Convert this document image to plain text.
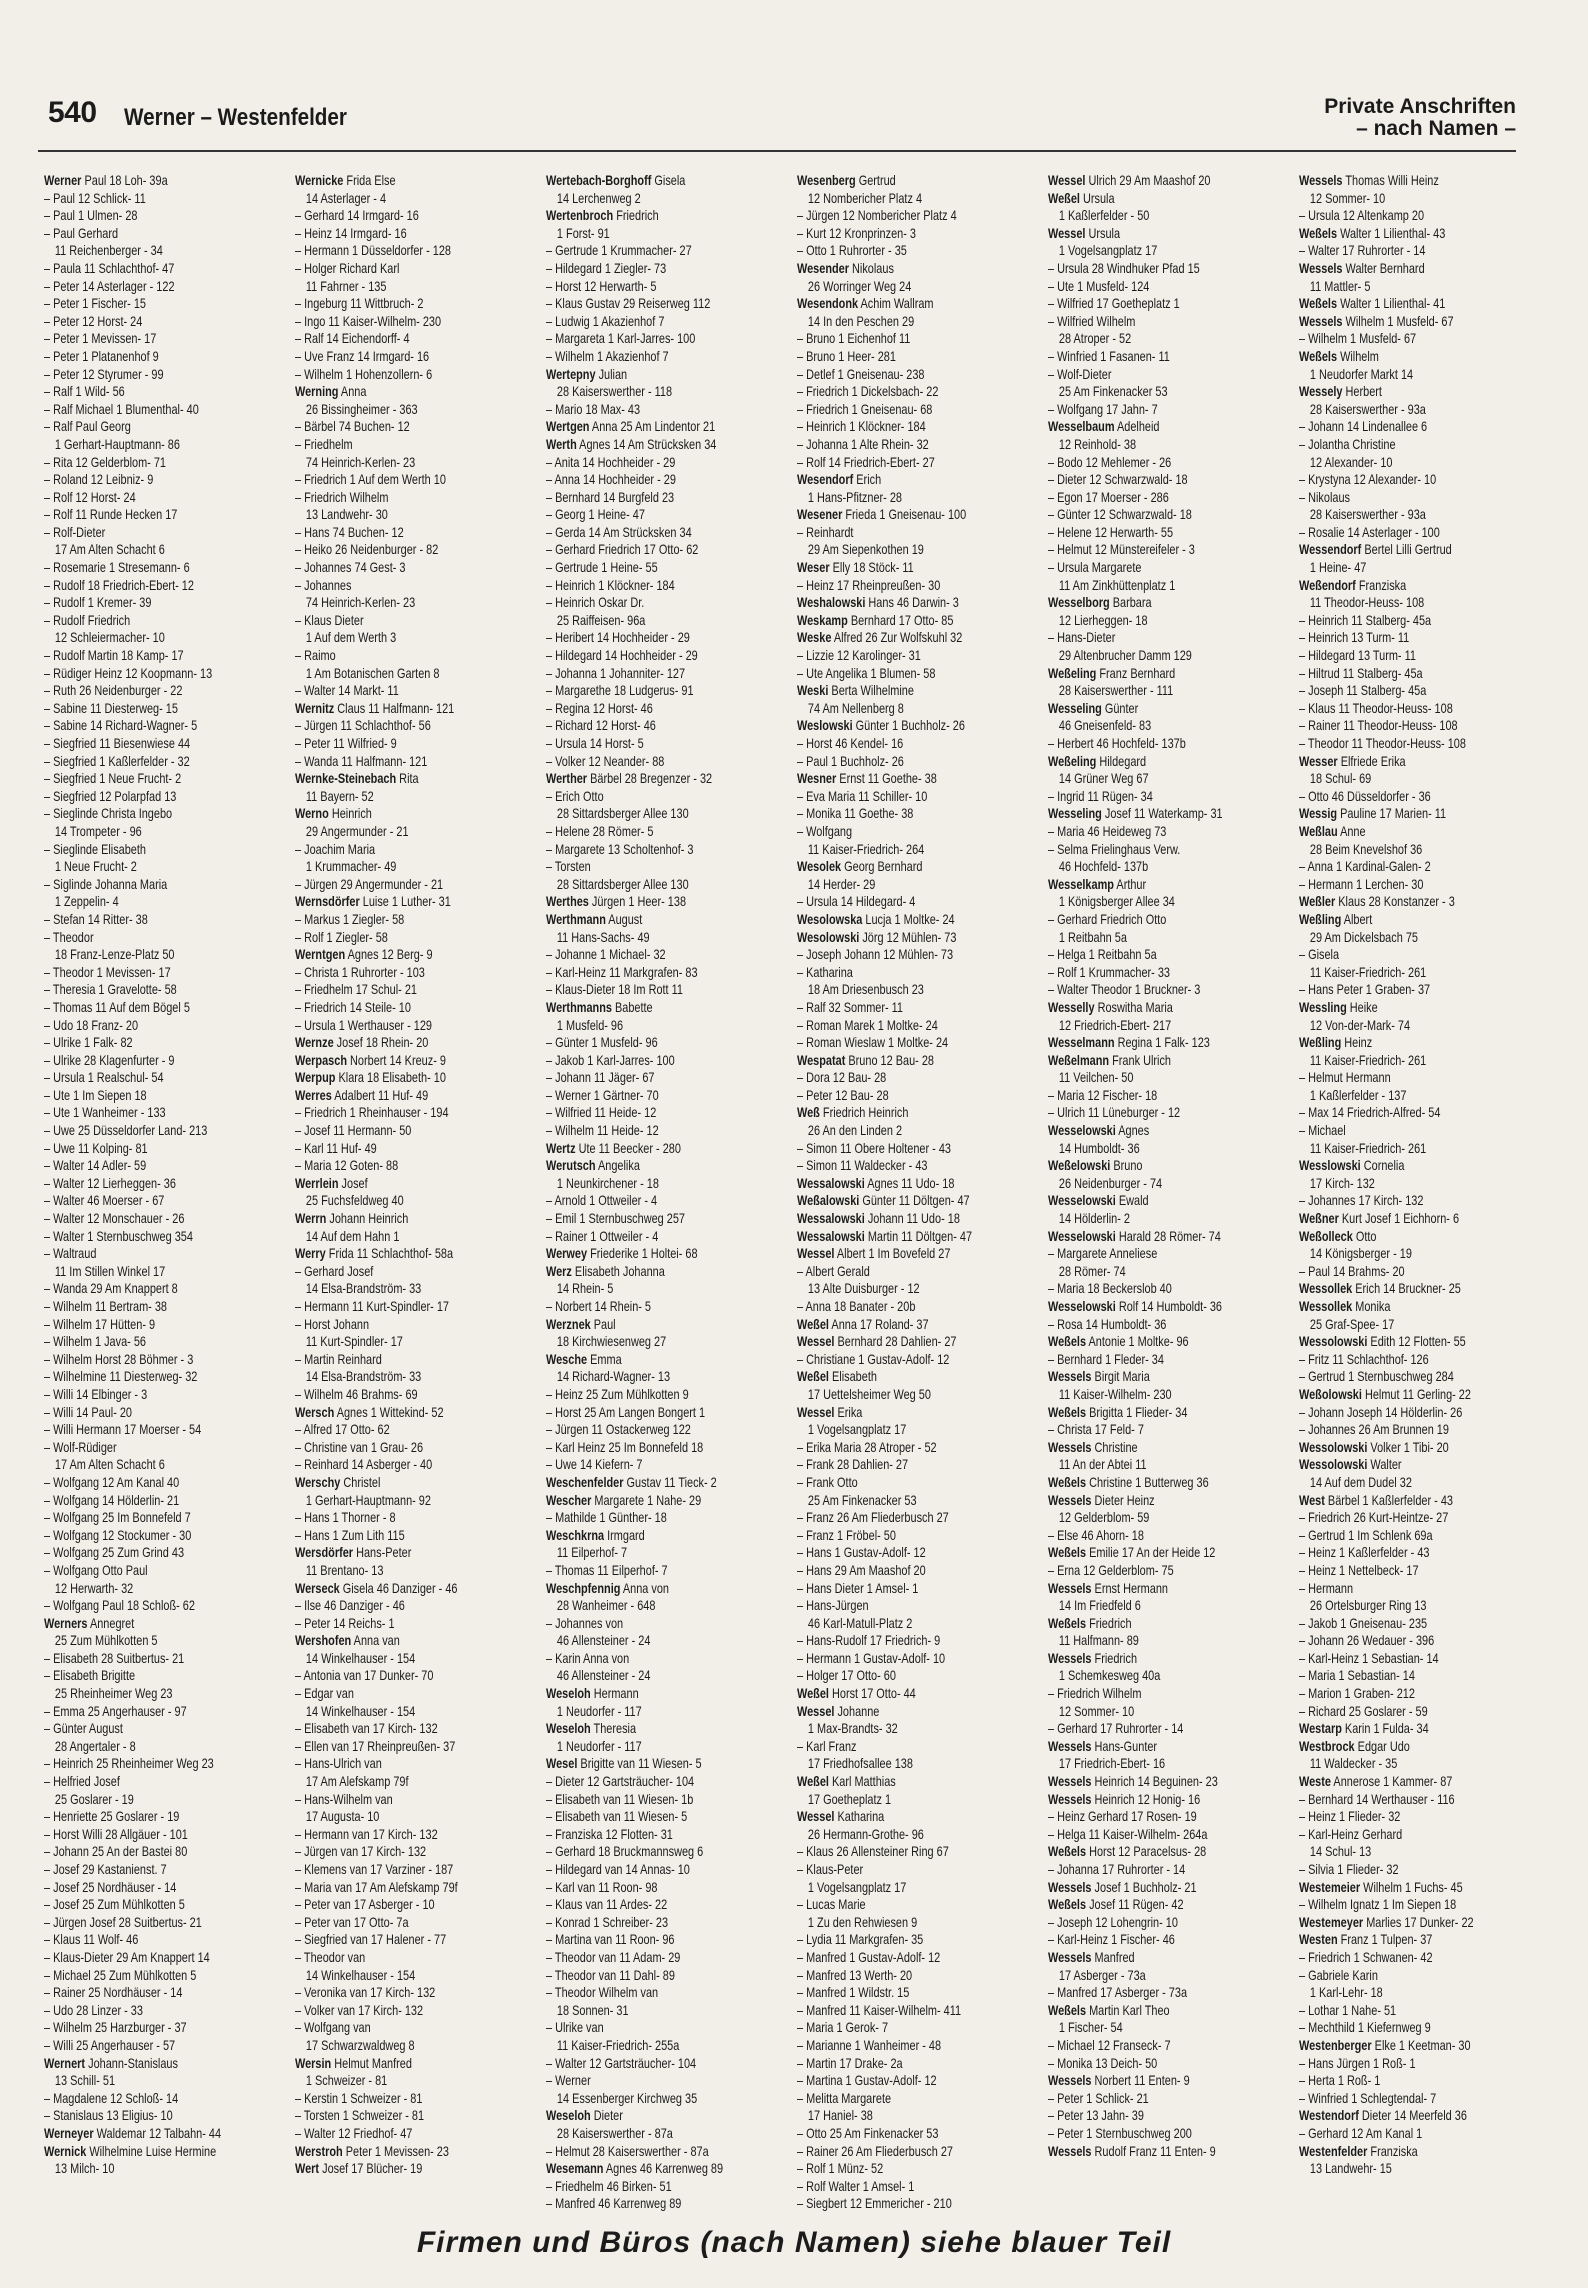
540 Werner – Westenfelder	Private Anschriften
– nach Namen –
Werner Paul 18 Loh- 39a
– Paul 12 Schlick- 11
– Paul 1 Ulmen- 28
– Paul Gerhard
11 Reichenberger - 34
– Paula 11 Schlachthof- 47
– Peter 14 Asterlager - 122
– Peter 1 Fischer- 15
– Peter 12 Horst- 24
– Peter 1 Mevissen- 17
– Peter 1 Platanenhof 9
– Peter 12 Styrumer - 99
– Ralf 1 Wild- 56
– Ralf Michael 1 Blumenthal- 40
– Ralf Paul Georg
1 Gerhart-Hauptmann- 86
– Rita 12 Gelderblom- 71
– Roland 12 Leibniz- 9
– Rolf 12 Horst- 24
– Rolf 11 Runde Hecken 17
– Rolf-Dieter
17 Am Alten Schacht 6
– Rosemarie 1 Stresemann- 6
– Rudolf 18 Friedrich-Ebert- 12
– Rudolf 1 Kremer- 39
– Rudolf Friedrich
12 Schleiermacher- 10
– Rudolf Martin 18 Kamp- 17
– Rüdiger Heinz 12 Koopmann- 13
– Ruth 26 Neidenburger - 22
– Sabine 11 Diesterweg- 15
– Sabine 14 Richard-Wagner- 5
– Siegfried 11 Biesenwiese 44
– Siegfried 1 Kaßlerfelder - 32
– Siegfried 1 Neue Frucht- 2
– Siegfried 12 Polarpfad 13
– Sieglinde Christa Ingebo
14 Trompeter - 96
– Sieglinde Elisabeth
1 Neue Frucht- 2
– Siglinde Johanna Maria
1 Zeppelin- 4
– Stefan 14 Ritter- 38
– Theodor
18 Franz-Lenze-Platz 50
– Theodor 1 Mevissen- 17
– Theresia 1 Gravelotte- 58
– Thomas 11 Auf dem Bögel 5
– Udo 18 Franz- 20
– Ulrike 1 Falk- 82
– Ulrike 28 Klagenfurter - 9
– Ursula 1 Realschul- 54
– Ute 1 Im Siepen 18
– Ute 1 Wanheimer - 133
– Uwe 25 Düsseldorfer Land- 213
– Uwe 11 Kolping- 81
– Walter 14 Adler- 59
– Walter 12 Lierheggen- 36
– Walter 46 Moerser - 67
– Walter 12 Monschauer - 26
– Walter 1 Sternbuschweg 354
– Waltraud
11 Im Stillen Winkel 17
– Wanda 29 Am Knappert 8
– Wilhelm 11 Bertram- 38
– Wilhelm 17 Hütten- 9
– Wilhelm 1 Java- 56
– Wilhelm Horst 28 Böhmer - 3
– Wilhelmine 11 Diesterweg- 32
– Willi 14 Elbinger - 3
– Willi 14 Paul- 20
– Willi Hermann 17 Moerser - 54
– Wolf-Rüdiger
17 Am Alten Schacht 6
– Wolfgang 12 Am Kanal 40
– Wolfgang 14 Hölderlin- 21
– Wolfgang 25 Im Bonnefeld 7
– Wolfgang 12 Stockumer - 30
– Wolfgang 25 Zum Grind 43
– Wolfgang Otto Paul
12 Herwarth- 32
– Wolfgang Paul 18 Schloß- 62
Werners Annegret
25 Zum Mühlkotten 5
– Elisabeth 28 Suitbertus- 21
– Elisabeth Brigitte
25 Rheinheimer Weg 23
– Emma 25 Angerhauser - 97
– Günter August
28 Angertaler - 8
– Heinrich 25 Rheinheimer Weg 23
– Helfried Josef
25 Goslarer - 19
– Henriette 25 Goslarer - 19
– Horst Willi 28 Allgäuer - 101
– Johann 25 An der Bastei 80
– Josef 29 Kastanienst. 7
– Josef 25 Nordhäuser - 14
– Josef 25 Zum Mühlkotten 5
– Jürgen Josef 28 Suitbertus- 21
– Klaus 11 Wolf- 46
– Klaus-Dieter 29 Am Knappert 14
– Michael 25 Zum Mühlkotten 5
– Rainer 25 Nordhäuser - 14
– Udo 28 Linzer - 33
– Wilhelm 25 Harzburger - 37
– Willi 25 Angerhauser - 57
Wernert Johann-Stanislaus
13 Schill- 51
– Magdalene 12 Schloß- 14
– Stanislaus 13 Eligius- 10
Werneyer Waldemar 12 Talbahn- 44
Wernick Wilhelmine Luise Hermine
13 Milch- 10
Wernicke Frida Else
14 Asterlager - 4
– Gerhard 14 Irmgard- 16
– Heinz 14 Irmgard- 16
– Hermann 1 Düsseldorfer - 128
– Holger Richard Karl
11 Fahrner - 135
– Ingeburg 11 Wittbruch- 2
– Ingo 11 Kaiser-Wilhelm- 230
– Ralf 14 Eichendorff- 4
– Uve Franz 14 Irmgard- 16
– Wilhelm 1 Hohenzollern- 6
Werning Anna
26 Bissingheimer - 363
– Bärbel 74 Buchen- 12
– Friedhelm
74 Heinrich-Kerlen- 23
– Friedrich 1 Auf dem Werth 10
– Friedrich Wilhelm
13 Landwehr- 30
– Hans 74 Buchen- 12
– Heiko 26 Neidenburger - 82
– Johannes 74 Gest- 3
– Johannes
74 Heinrich-Kerlen- 23
– Klaus Dieter
1 Auf dem Werth 3
– Raimo
1 Am Botanischen Garten 8
– Walter 14 Markt- 11
Wernitz Claus 11 Halfmann- 121
– Jürgen 11 Schlachthof- 56
– Peter 11 Wilfried- 9
– Wanda 11 Halfmann- 121
Wernke-Steinebach Rita
11 Bayern- 52
Werno Heinrich
29 Angermunder - 21
– Joachim Maria
1 Krummacher- 49
– Jürgen 29 Angermunder - 21
Wernsdörfer Luise 1 Luther- 31
– Markus 1 Ziegler- 58
– Rolf 1 Ziegler- 58
Werntgen Agnes 12 Berg- 9
– Christa 1 Ruhrorter - 103
– Friedhelm 17 Schul- 21
– Friedrich 14 Steile- 10
– Ursula 1 Werthauser - 129
Wernze Josef 18 Rhein- 20
Werpasch Norbert 14 Kreuz- 9
Werpup Klara 18 Elisabeth- 10
Werres Adalbert 11 Huf- 49
– Friedrich 1 Rheinhauser - 194
– Josef 11 Hermann- 50
– Karl 11 Huf- 49
– Maria 12 Goten- 88
Werrlein Josef
25 Fuchsfeldweg 40
Werrn Johann Heinrich
14 Auf dem Hahn 1
Werry Frida 11 Schlachthof- 58a
– Gerhard Josef
14 Elsa-Brandström- 33
– Hermann 11 Kurt-Spindler- 17
– Horst Johann
11 Kurt-Spindler- 17
– Martin Reinhard
14 Elsa-Brandström- 33
– Wilhelm 46 Brahms- 69
Wersch Agnes 1 Wittekind- 52
– Alfred 17 Otto- 62
– Christine van 1 Grau- 26
– Reinhard 14 Asberger - 40
Werschy Christel
1 Gerhart-Hauptmann- 92
– Hans 1 Thorner - 8
– Hans 1 Zum Lith 115
Wersdörfer Hans-Peter
11 Brentano- 13
Werseck Gisela 46 Danziger - 46
– Ilse 46 Danziger - 46
– Peter 14 Reichs- 1
Wershofen Anna van
14 Winkelhauser - 154
– Antonia van 17 Dunker- 70
– Edgar van
14 Winkelhauser - 154
– Elisabeth van 17 Kirch- 132
– Ellen van 17 Rheinpreußen- 37
– Hans-Ulrich van
17 Am Alefskamp 79f
– Hans-Wilhelm van
17 Augusta- 10
– Hermann van 17 Kirch- 132
– Jürgen van 17 Kirch- 132
– Klemens van 17 Varziner - 187
– Maria van 17 Am Alefskamp 79f
– Peter van 17 Asberger - 10
– Peter van 17 Otto- 7a
– Siegfried van 17 Halener - 77
– Theodor van
14 Winkelhauser - 154
– Veronika van 17 Kirch- 132
– Volker van 17 Kirch- 132
– Wolfgang van
17 Schwarzwaldweg 8
Wersin Helmut Manfred
1 Schweizer - 81
– Kerstin 1 Schweizer - 81
– Torsten 1 Schweizer - 81
– Walter 12 Friedhof- 47
Werstroh Peter 1 Mevissen- 23
Wert Josef 17 Blücher- 19
Wertebach-Borghoff Gisela
14 Lerchenweg 2
Wertenbroch Friedrich
1 Forst- 91
– Gertrude 1 Krummacher- 27
– Hildegard 1 Ziegler- 73
– Horst 12 Herwarth- 5
– Klaus Gustav 29 Reiserweg 112
– Ludwig 1 Akazienhof 7
– Margareta 1 Karl-Jarres- 100
– Wilhelm 1 Akazienhof 7
Wertepny Julian
28 Kaiserswerther - 118
– Mario 18 Max- 43
Wertgen Anna 25 Am Lindentor 21
Werth Agnes 14 Am Strücksken 34
– Anita 14 Hochheider - 29
– Anna 14 Hochheider - 29
– Bernhard 14 Burgfeld 23
– Georg 1 Heine- 47
– Gerda 14 Am Strücksken 34
– Gerhard Friedrich 17 Otto- 62
– Gertrude 1 Heine- 55
– Heinrich 1 Klöckner- 184
– Heinrich Oskar Dr.
25 Raiffeisen- 96a
– Heribert 14 Hochheider - 29
– Hildegard 14 Hochheider - 29
– Johanna 1 Johanniter- 127
– Margarethe 18 Ludgerus- 91
– Regina 12 Horst- 46
– Richard 12 Horst- 46
– Ursula 14 Horst- 5
– Volker 12 Neander- 88
Werther Bärbel 28 Bregenzer - 32
– Erich Otto
28 Sittardsberger Allee 130
– Helene 28 Römer- 5
– Margarete 13 Scholtenhof- 3
– Torsten
28 Sittardsberger Allee 130
Werthes Jürgen 1 Heer- 138
Werthmann August
11 Hans-Sachs- 49
– Johanne 1 Michael- 32
– Karl-Heinz 11 Markgrafen- 83
– Klaus-Dieter 18 Im Rott 11
Werthmanns Babette
1 Musfeld- 96
– Günter 1 Musfeld- 96
– Jakob 1 Karl-Jarres- 100
– Johann 11 Jäger- 67
– Werner 1 Gärtner- 70
– Wilfried 11 Heide- 12
– Wilhelm 11 Heide- 12
Wertz Ute 11 Beecker - 280
Werutsch Angelika
1 Neunkirchener - 18
– Arnold 1 Ottweiler - 4
– Emil 1 Sternbuschweg 257
– Rainer 1 Ottweiler - 4
Werwey Friederike 1 Holtei- 68
Werz Elisabeth Johanna
14 Rhein- 5
– Norbert 14 Rhein- 5
Werznek Paul
18 Kirchwiesenweg 27
Wesche Emma
14 Richard-Wagner- 13
– Heinz 25 Zum Mühlkotten 9
– Horst 25 Am Langen Bongert 1
– Jürgen 11 Ostackerweg 122
– Karl Heinz 25 Im Bonnefeld 18
– Uwe 14 Kiefern- 7
Weschenfelder Gustav 11 Tieck- 2
Wescher Margarete 1 Nahe- 29
– Mathilde 1 Günther- 18
Weschkrna Irmgard
11 Eilperhof- 7
– Thomas 11 Eilperhof- 7
Weschpfennig Anna von
28 Wanheimer - 648
– Johannes von
46 Allensteiner - 24
– Karin Anna von
46 Allensteiner - 24
Weseloh Hermann
1 Neudorfer - 117
Weseloh Theresia
1 Neudorfer - 117
Wesel Brigitte van 11 Wiesen- 5
– Dieter 12 Gartsträucher- 104
– Elisabeth van 11 Wiesen- 1b
– Elisabeth van 11 Wiesen- 5
– Franziska 12 Flotten- 31
– Gerhard 18 Bruckmannsweg 6
– Hildegard van 14 Annas- 10
– Karl van 11 Roon- 98
– Klaus van 11 Ardes- 22
– Konrad 1 Schreiber- 23
– Martina van 11 Roon- 96
– Theodor van 11 Adam- 29
– Theodor van 11 Dahl- 89
– Theodor Wilhelm van
18 Sonnen- 31
– Ulrike van
11 Kaiser-Friedrich- 255a
– Walter 12 Gartsträucher- 104
– Werner
14 Essenberger Kirchweg 35
Weseloh Dieter
28 Kaiserswerther - 87a
– Helmut 28 Kaiserswerther - 87a
Wesemann Agnes 46 Karrenweg 89
– Friedhelm 46 Birken- 51
– Manfred 46 Karrenweg 89
Wesenberg Gertrud
12 Nombericher Platz 4
– Jürgen 12 Nombericher Platz 4
– Kurt 12 Kronprinzen- 3
– Otto 1 Ruhrorter - 35
Wesender Nikolaus
26 Worringer Weg 24
Wesendonk Achim Wallram
14 In den Peschen 29
– Bruno 1 Eichenhof 11
– Bruno 1 Heer- 281
– Detlef 1 Gneisenau- 238
– Friedrich 1 Dickelsbach- 22
– Friedrich 1 Gneisenau- 68
– Heinrich 1 Klöckner- 184
– Johanna 1 Alte Rhein- 32
– Rolf 14 Friedrich-Ebert- 27
Wesendorf Erich
1 Hans-Pfitzner- 28
Wesener Frieda 1 Gneisenau- 100
– Reinhardt
29 Am Siepenkothen 19
Weser Elly 18 Stöck- 11
– Heinz 17 Rheinpreußen- 30
Weshalowski Hans 46 Darwin- 3
Weskamp Bernhard 17 Otto- 85
Weske Alfred 26 Zur Wolfskuhl 32
– Lizzie 12 Karolinger- 31
– Ute Angelika 1 Blumen- 58
Weski Berta Wilhelmine
74 Am Nellenberg 8
Weslowski Günter 1 Buchholz- 26
– Horst 46 Kendel- 16
– Paul 1 Buchholz- 26
Wesner Ernst 11 Goethe- 38
– Eva Maria 11 Schiller- 10
– Monika 11 Goethe- 38
– Wolfgang
11 Kaiser-Friedrich- 264
Wesolek Georg Bernhard
14 Herder- 29
– Ursula 14 Hildegard- 4
Wesolowska Lucja 1 Moltke- 24
Wesolowski Jörg 12 Mühlen- 73
– Joseph Johann 12 Mühlen- 73
– Katharina
18 Am Driesenbusch 23
– Ralf 32 Sommer- 11
– Roman Marek 1 Moltke- 24
– Roman Wieslaw 1 Moltke- 24
Wespatat Bruno 12 Bau- 28
– Dora 12 Bau- 28
– Peter 12 Bau- 28
Weß Friedrich Heinrich
26 An den Linden 2
– Simon 11 Obere Holtener - 43
– Simon 11 Waldecker - 43
Wessalowski Agnes 11 Udo- 18
Weßalowski Günter 11 Döltgen- 47
Wessalowski Johann 11 Udo- 18
Wessalowski Martin 11 Döltgen- 47
Wessel Albert 1 Im Bovefeld 27
– Albert Gerald
13 Alte Duisburger - 12
– Anna 18 Banater - 20b
Weßel Anna 17 Roland- 37
Wessel Bernhard 28 Dahlien- 27
– Christiane 1 Gustav-Adolf- 12
Weßel Elisabeth
17 Uettelsheimer Weg 50
Wessel Erika
1 Vogelsangplatz 17
– Erika Maria 28 Atroper - 52
– Frank 28 Dahlien- 27
– Frank Otto
25 Am Finkenacker 53
– Franz 26 Am Fliederbusch 27
– Franz 1 Fröbel- 50
– Hans 1 Gustav-Adolf- 12
– Hans 29 Am Maashof 20
– Hans Dieter 1 Amsel- 1
– Hans-Jürgen
46 Karl-Matull-Platz 2
– Hans-Rudolf 17 Friedrich- 9
– Hermann 1 Gustav-Adolf- 10
– Holger 17 Otto- 60
Weßel Horst 17 Otto- 44
Wessel Johanne
1 Max-Brandts- 32
– Karl Franz
17 Friedhofsallee 138
Weßel Karl Matthias
17 Goetheplatz 1
Wessel Katharina
26 Hermann-Grothe- 96
– Klaus 26 Allensteiner Ring 67
– Klaus-Peter
1 Vogelsangplatz 17
– Lucas Marie
1 Zu den Rehwiesen 9
– Lydia 11 Markgrafen- 35
– Manfred 1 Gustav-Adolf- 12
– Manfred 13 Werth- 20
– Manfred 1 Wildstr. 15
– Manfred 11 Kaiser-Wilhelm- 411
– Maria 1 Gerok- 7
– Marianne 1 Wanheimer - 48
– Martin 17 Drake- 2a
– Martina 1 Gustav-Adolf- 12
– Melitta Margarete
17 Haniel- 38
– Otto 25 Am Finkenacker 53
– Rainer 26 Am Fliederbusch 27
– Rolf 1 Münz- 52
– Rolf Walter 1 Amsel- 1
– Siegbert 12 Emmericher - 210
Wessel Ulrich 29 Am Maashof 20
Weßel Ursula
1 Kaßlerfelder - 50
Wessel Ursula
1 Vogelsangplatz 17
– Ursula 28 Windhuker Pfad 15
– Ute 1 Musfeld- 124
– Wilfried 17 Goetheplatz 1
– Wilfried Wilhelm
28 Atroper - 52
– Winfried 1 Fasanen- 11
– Wolf-Dieter
25 Am Finkenacker 53
– Wolfgang 17 Jahn- 7
Wesselbaum Adelheid
12 Reinhold- 38
– Bodo 12 Mehlemer - 26
– Dieter 12 Schwarzwald- 18
– Egon 17 Moerser - 286
– Günter 12 Schwarzwald- 18
– Helene 12 Herwarth- 55
– Helmut 12 Münstereifeler - 3
– Ursula Margarete
11 Am Zinkhüttenplatz 1
Wesselborg Barbara
12 Lierheggen- 18
– Hans-Dieter
29 Altenbrucher Damm 129
Weßeling Franz Bernhard
28 Kaiserswerther - 111
Wesseling Günter
46 Gneisenfeld- 83
– Herbert 46 Hochfeld- 137b
Weßeling Hildegard
14 Grüner Weg 67
– Ingrid 11 Rügen- 34
Wesseling Josef 11 Waterkamp- 31
– Maria 46 Heideweg 73
– Selma Frielinghaus Verw.
46 Hochfeld- 137b
Wesselkamp Arthur
1 Königsberger Allee 34
– Gerhard Friedrich Otto
1 Reitbahn 5a
– Helga 1 Reitbahn 5a
– Rolf 1 Krummacher- 33
– Walter Theodor 1 Bruckner- 3
Wesselly Roswitha Maria
12 Friedrich-Ebert- 217
Wesselmann Regina 1 Falk- 123
Weßelmann Frank Ulrich
11 Veilchen- 50
– Maria 12 Fischer- 18
– Ulrich 11 Lüneburger - 12
Wesselowski Agnes
14 Humboldt- 36
Weßelowski Bruno
26 Neidenburger - 74
Wesselowski Ewald
14 Hölderlin- 2
Wesselowski Harald 28 Römer- 74
– Margarete Anneliese
28 Römer- 74
– Maria 18 Beckerslob 40
Wesselowski Rolf 14 Humboldt- 36
– Rosa 14 Humboldt- 36
Weßels Antonie 1 Moltke- 96
– Bernhard 1 Fleder- 34
Wessels Birgit Maria
11 Kaiser-Wilhelm- 230
Weßels Brigitta 1 Flieder- 34
– Christa 17 Feld- 7
Wessels Christine
11 An der Abtei 11
Weßels Christine 1 Butterweg 36
Wessels Dieter Heinz
12 Gelderblom- 59
– Else 46 Ahorn- 18
Weßels Emilie 17 An der Heide 12
– Erna 12 Gelderblom- 75
Wessels Ernst Hermann
14 Im Friedfeld 6
Weßels Friedrich
11 Halfmann- 89
Wessels Friedrich
1 Schemkesweg 40a
– Friedrich Wilhelm
12 Sommer- 10
– Gerhard 17 Ruhrorter - 14
Wessels Hans-Gunter
17 Friedrich-Ebert- 16
Wessels Heinrich 14 Beguinen- 23
Wessels Heinrich 12 Honig- 16
– Heinz Gerhard 17 Rosen- 19
– Helga 11 Kaiser-Wilhelm- 264a
Weßels Horst 12 Paracelsus- 28
– Johanna 17 Ruhrorter - 14
Wessels Josef 1 Buchholz- 21
Weßels Josef 11 Rügen- 42
– Joseph 12 Lohengrin- 10
– Karl-Heinz 1 Fischer- 46
Wessels Manfred
17 Asberger - 73a
– Manfred 17 Asberger - 73a
Weßels Martin Karl Theo
1 Fischer- 54
– Michael 12 Franseck- 7
– Monika 13 Deich- 50
Wessels Norbert 11 Enten- 9
– Peter 1 Schlick- 21
– Peter 13 Jahn- 39
– Peter 1 Sternbuschweg 200
Wessels Rudolf Franz 11 Enten- 9
Wessels Thomas Willi Heinz
12 Sommer- 10
– Ursula 12 Altenkamp 20
Weßels Walter 1 Lilienthal- 43
– Walter 17 Ruhrorter - 14
Wessels Walter Bernhard
11 Mattler- 5
Weßels Walter 1 Lilienthal- 41
Wessels Wilhelm 1 Musfeld- 67
– Wilhelm 1 Musfeld- 67
Weßels Wilhelm
1 Neudorfer Markt 14
Wessely Herbert
28 Kaiserswerther - 93a
– Johann 14 Lindenallee 6
– Jolantha Christine
12 Alexander- 10
– Krystyna 12 Alexander- 10
– Nikolaus
28 Kaiserswerther - 93a
– Rosalie 14 Asterlager - 100
Wessendorf Bertel Lilli Gertrud
1 Heine- 47
Weßendorf Franziska
11 Theodor-Heuss- 108
– Heinrich 11 Stalberg- 45a
– Heinrich 13 Turm- 11
– Hildegard 13 Turm- 11
– Hiltrud 11 Stalberg- 45a
– Joseph 11 Stalberg- 45a
– Klaus 11 Theodor-Heuss- 108
– Rainer 11 Theodor-Heuss- 108
– Theodor 11 Theodor-Heuss- 108
Wesser Elfriede Erika
18 Schul- 69
– Otto 46 Düsseldorfer - 36
Wessig Pauline 17 Marien- 11
Weßlau Anne
28 Beim Knevelshof 36
– Anna 1 Kardinal-Galen- 2
– Hermann 1 Lerchen- 30
Weßler Klaus 28 Konstanzer - 3
Weßling Albert
29 Am Dickelsbach 75
– Gisela
11 Kaiser-Friedrich- 261
– Hans Peter 1 Graben- 37
Wessling Heike
12 Von-der-Mark- 74
Weßling Heinz
11 Kaiser-Friedrich- 261
– Helmut Hermann
1 Kaßlerfelder - 137
– Max 14 Friedrich-Alfred- 54
– Michael
11 Kaiser-Friedrich- 261
Wesslowski Cornelia
17 Kirch- 132
– Johannes 17 Kirch- 132
Weßner Kurt Josef 1 Eichhorn- 6
Weßolleck Otto
14 Königsberger - 19
– Paul 14 Brahms- 20
Wessollek Erich 14 Bruckner- 25
Wessollek Monika
25 Graf-Spee- 17
Wessolowski Edith 12 Flotten- 55
– Fritz 11 Schlachthof- 126
– Gertrud 1 Sternbuschweg 284
Weßolowski Helmut 11 Gerling- 22
– Johann Joseph 14 Hölderlin- 26
– Johannes 26 Am Brunnen 19
Wessolowski Volker 1 Tibi- 20
Wessolowski Walter
14 Auf dem Dudel 32
West Bärbel 1 Kaßlerfelder - 43
– Friedrich 26 Kurt-Heintze- 27
– Gertrud 1 Im Schlenk 69a
– Heinz 1 Kaßlerfelder - 43
– Heinz 1 Nettelbeck- 17
– Hermann
26 Ortelsburger Ring 13
– Jakob 1 Gneisenau- 235
– Johann 26 Wedauer - 396
– Karl-Heinz 1 Sebastian- 14
– Maria 1 Sebastian- 14
– Marion 1 Graben- 212
– Richard 25 Goslarer - 59
Westarp Karin 1 Fulda- 34
Westbrock Edgar Udo
11 Waldecker - 35
Weste Annerose 1 Kammer- 87
– Bernhard 14 Werthauser - 116
– Heinz 1 Flieder- 32
– Karl-Heinz Gerhard
14 Schul- 13
– Silvia 1 Flieder- 32
Westemeier Wilhelm 1 Fuchs- 45
– Wilhelm Ignatz 1 Im Siepen 18
Westemeyer Marlies 17 Dunker- 22
Westen Franz 1 Tulpen- 37
– Friedrich 1 Schwanen- 42
– Gabriele Karin
1 Karl-Lehr- 18
– Lothar 1 Nahe- 51
– Mechthild 1 Kiefernweg 9
Westenberger Elke 1 Keetman- 30
– Hans Jürgen 1 Roß- 1
– Herta 1 Roß- 1
– Winfried 1 Schlegtendal- 7
Westendorf Dieter 14 Meerfeld 36
– Gerhard 12 Am Kanal 1
Westenfelder Franziska
13 Landwehr- 15
Firmen und Büros (nach Namen) siehe blauer Teil
